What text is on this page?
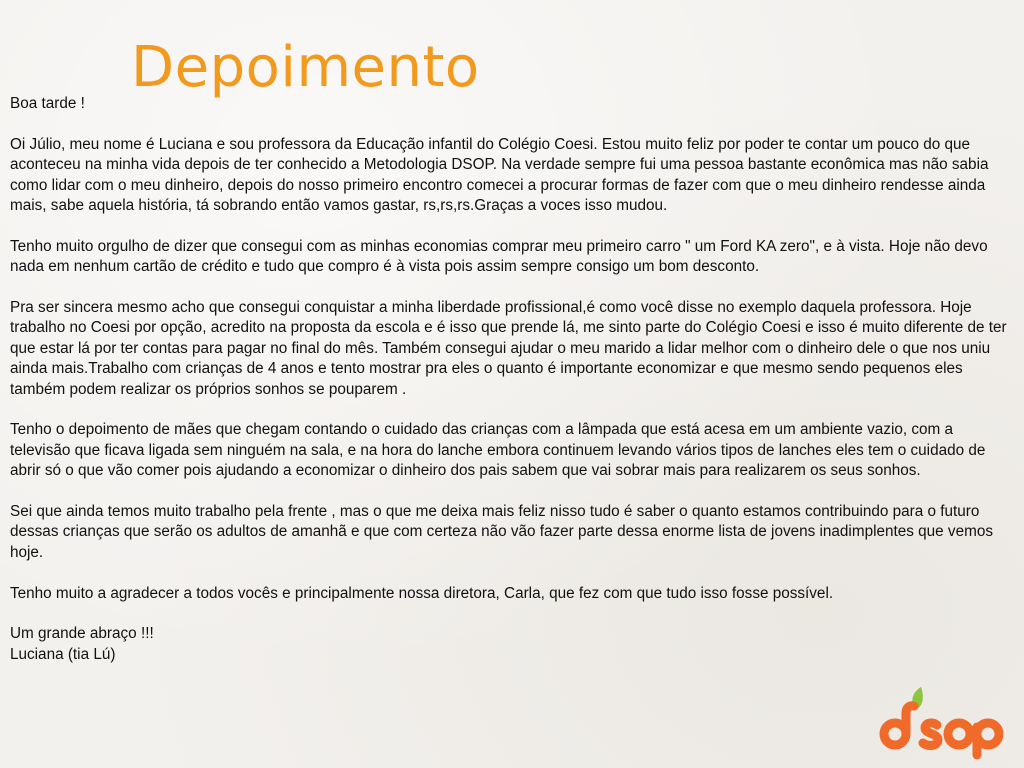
Depoimento

Boa tarde !

Oi Júlio, meu nome é Luciana e sou professora da Educação infantil do Colégio Coesi. Estou muito feliz por poder te contar um pouco do que aconteceu na minha vida depois de ter conhecido a Metodologia DSOP. Na verdade sempre fui uma pessoa bastante econômica mas não sabia como lidar com o meu dinheiro, depois do nosso primeiro encontro comecei a procurar formas de fazer com que o meu dinheiro rendesse ainda mais, sabe aquela história, tá sobrando então vamos gastar, rs,rs,rs.Graças a voces isso mudou.

Tenho muito orgulho de dizer que consegui com as minhas economias comprar meu primeiro carro " um Ford KA zero", e à vista. Hoje não devo nada em nenhum cartão de crédito e tudo que compro é à vista pois assim sempre consigo um bom desconto.

Pra ser sincera mesmo acho que consegui conquistar a minha liberdade profissional,é como você disse no exemplo daquela professora. Hoje trabalho no Coesi por opção, acredito na proposta da escola e é isso que prende lá, me sinto parte do Colégio Coesi e isso é muito diferente de ter que estar lá por ter contas para pagar no final do mês. Também consegui ajudar o meu marido a lidar melhor com o dinheiro dele o que nos uniu ainda mais.Trabalho com crianças de 4 anos e tento mostrar pra eles o quanto é importante economizar e que mesmo sendo pequenos eles também podem realizar os próprios sonhos se pouparem .

Tenho o depoimento de mães que chegam contando o cuidado das crianças com a lâmpada que está acesa em um ambiente vazio, com a televisão que ficava ligada sem ninguém na sala, e na hora do lanche embora continuem levando vários tipos de lanches eles tem o cuidado de abrir só o que vão comer pois ajudando a economizar o dinheiro dos pais sabem que vai sobrar mais para realizarem os seus sonhos.

Sei que ainda temos muito trabalho pela frente , mas o que me deixa mais feliz nisso tudo é saber o quanto estamos contribuindo para o futuro dessas crianças que serão os adultos de amanhã e que com certeza não vão fazer parte dessa enorme lista de jovens inadimplentes que vemos hoje.

Tenho muito a agradecer a todos vocês e principalmente nossa diretora, Carla, que fez com que tudo isso fosse possível.

Um grande abraço !!!

Luciana (tia Lú)
